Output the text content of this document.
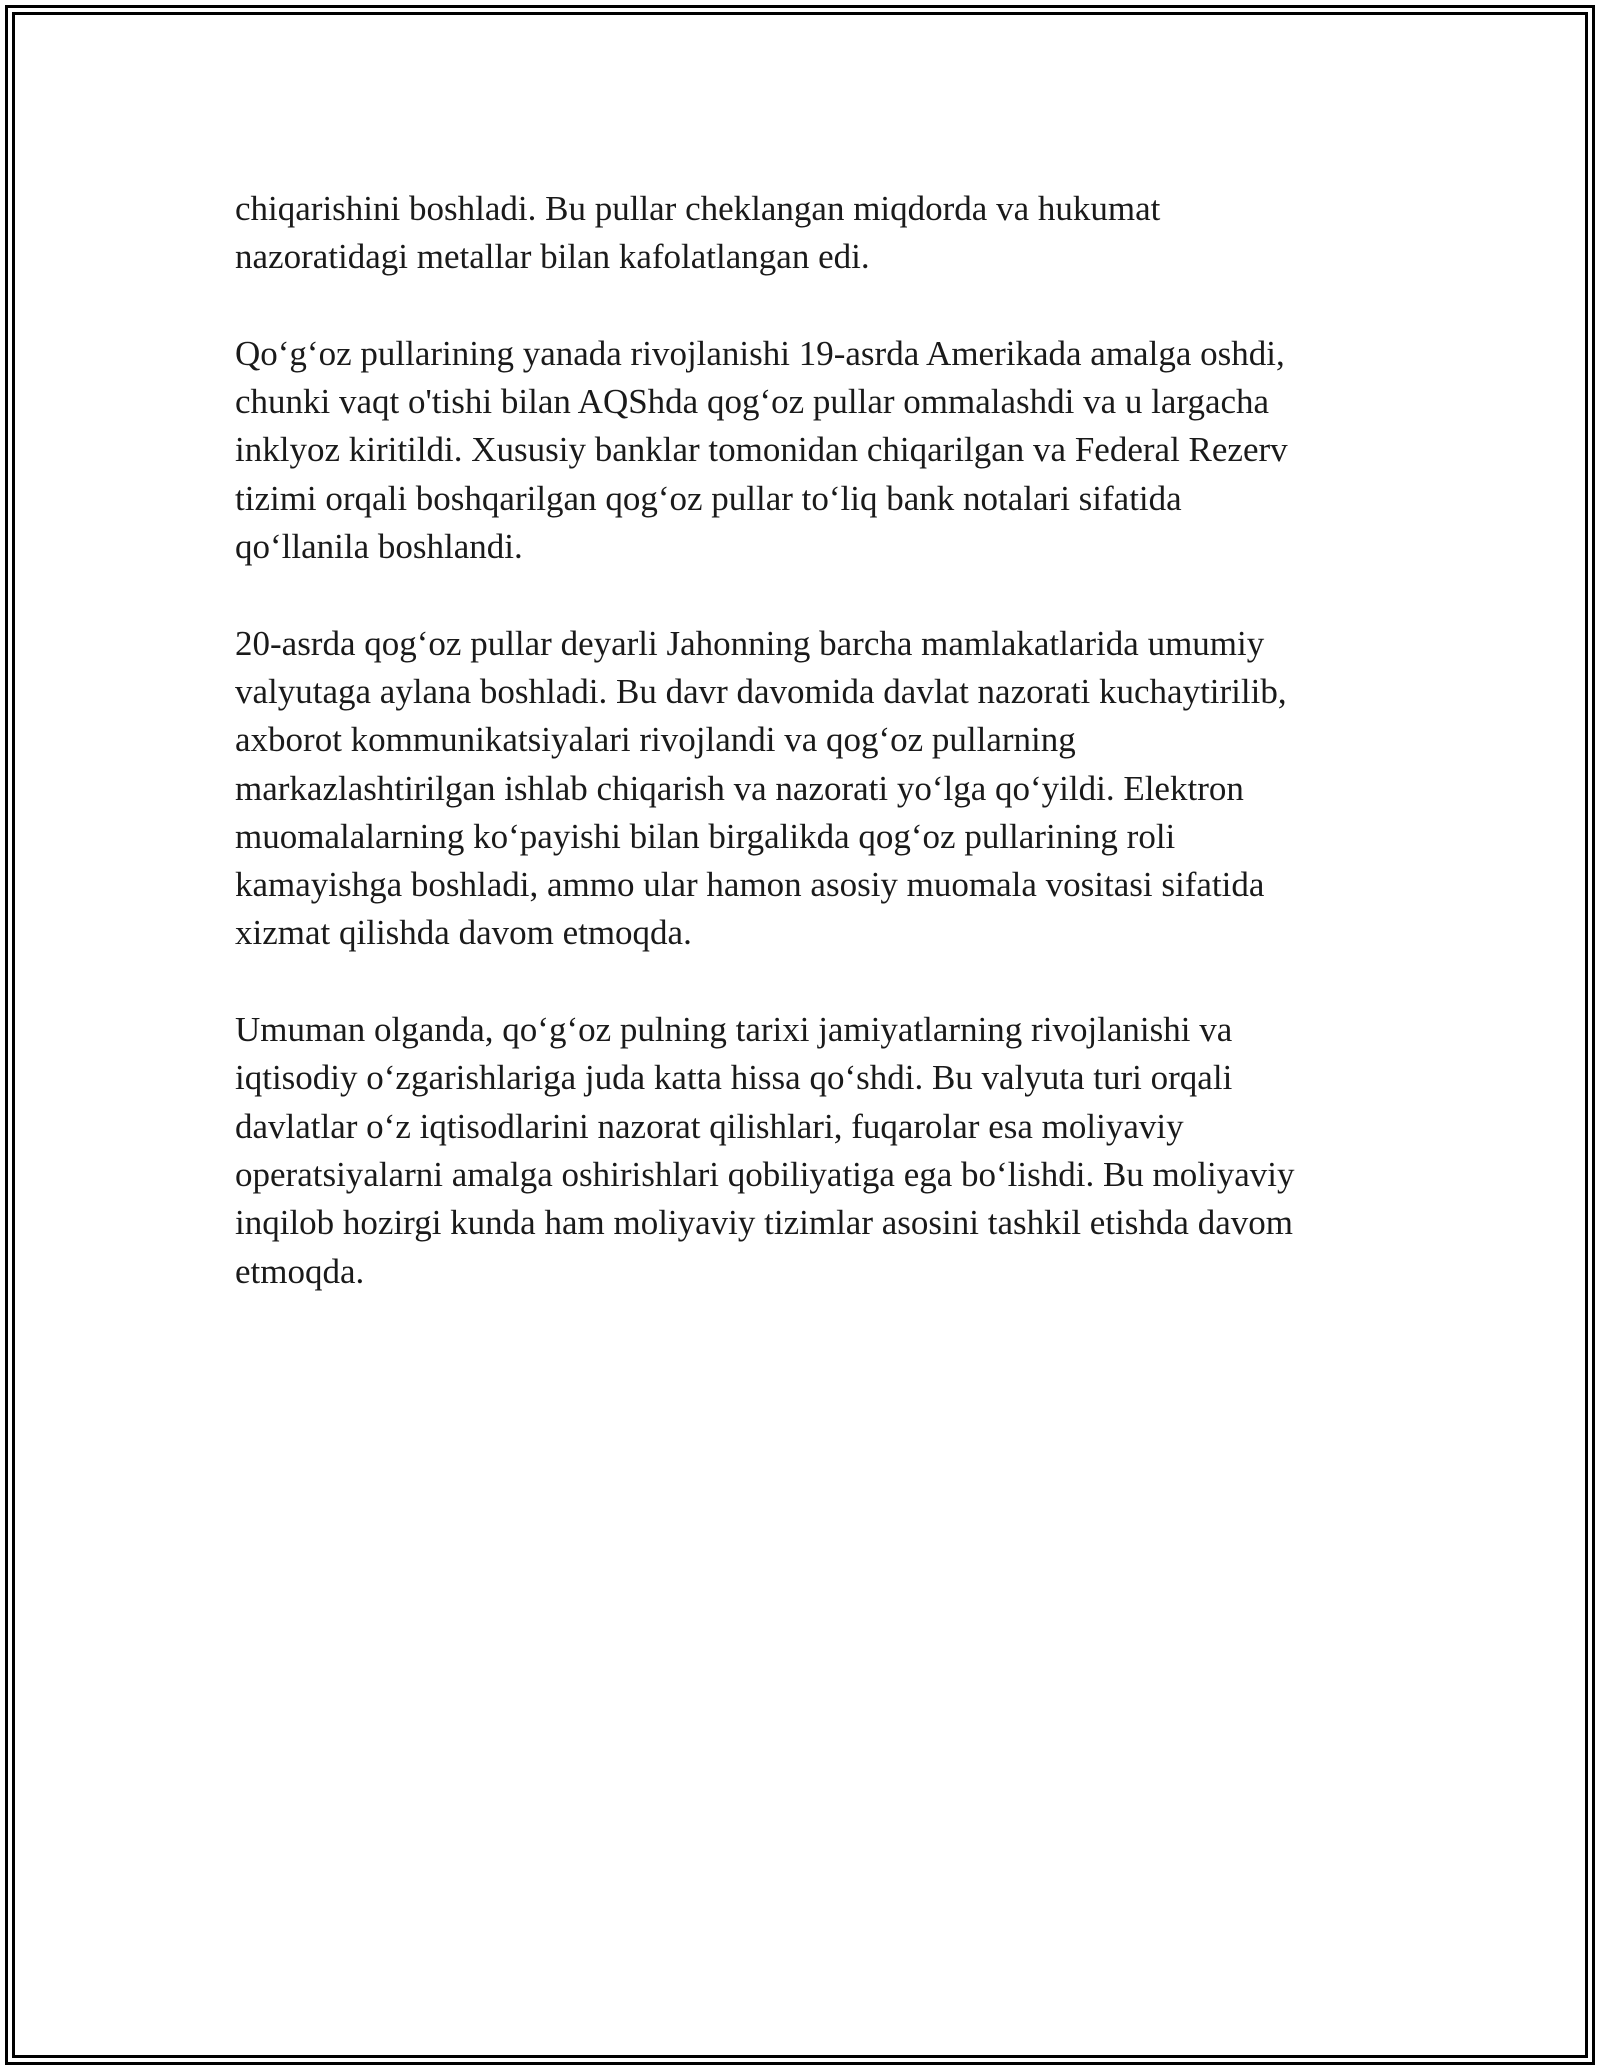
chiqarishini boshladi. Bu pullar cheklangan miqdorda va hukumat
nazoratidagi metallar bilan kafolatlangan edi.

Qo‘g‘oz pullarining yanada rivojlanishi 19-asrda Amerikada amalga oshdi,
chunki vaqt o'tishi bilan AQShda qog‘oz pullar ommalashdi va u largacha
inklyoz kiritildi. Xususiy banklar tomonidan chiqarilgan va Federal Rezerv
tizimi orqali boshqarilgan qog‘oz pullar to‘liq bank notalari sifatida
qo‘llanila boshlandi.

20-asrda qog‘oz pullar deyarli Jahonning barcha mamlakatlarida umumiy
valyutaga aylana boshladi. Bu davr davomida davlat nazorati kuchaytirilib,
axborot kommunikatsiyalari rivojlandi va qog‘oz pullarning
markazlashtirilgan ishlab chiqarish va nazorati yo‘lga qo‘yildi. Elektron
muomalalarning ko‘payishi bilan birgalikda qog‘oz pullarining roli
kamayishga boshladi, ammo ular hamon asosiy muomala vositasi sifatida
xizmat qilishda davom etmoqda.

Umuman olganda, qo‘g‘oz pulning tarixi jamiyatlarning rivojlanishi va
iqtisodiy o‘zgarishlariga juda katta hissa qo‘shdi. Bu valyuta turi orqali
davlatlar o‘z iqtisodlarini nazorat qilishlari, fuqarolar esa moliyaviy
operatsiyalarni amalga oshirishlari qobiliyatiga ega bo‘lishdi. Bu moliyaviy
inqilob hozirgi kunda ham moliyaviy tizimlar asosini tashkil etishda davom
etmoqda.
